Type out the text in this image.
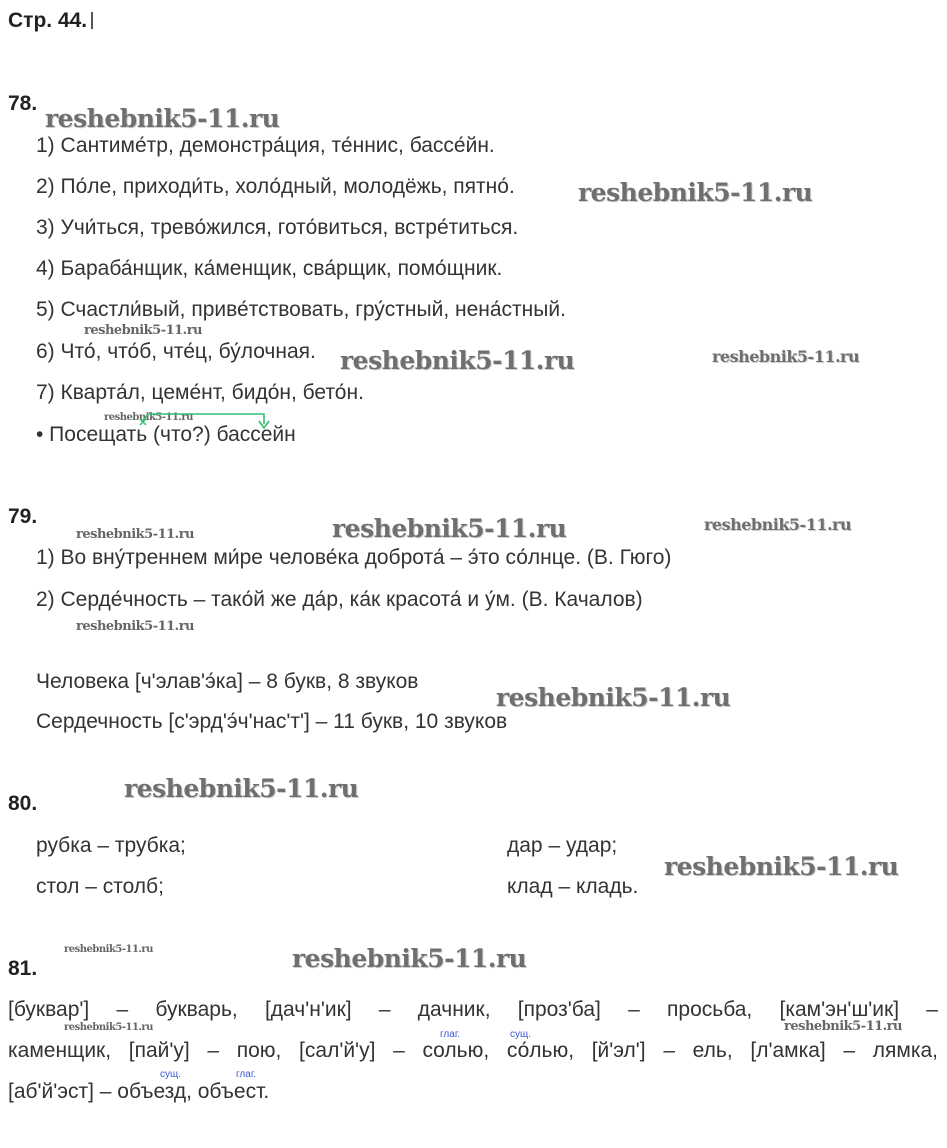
Стр. 44.
78.
reshebnik5-11.ru
1) Сантиме́тр, демонстра́ция, те́ннис, бассе́йн.
2) По́ле, приходи́ть, холо́дный, молодёжь, пятно́.	reshebnik5-11.ru
3) Учи́ться, трево́жился, гото́виться, встре́титься.
4) Бараба́нщик, ка́менщик, сва́рщик, помо́щник.
5) Счастли́вый, приве́тствовать, гру́стный, нена́стный.
reshebnik5-11.ru
6) Что́, что́б, чте́ц, бу́лочная. reshebnik5-11.ru	reshebnik5-11.ru
7) Кварта́л, цеме́нт, бидо́н, бето́н.
reshebnik5-11.ru
• Посещать (что?) бассейн
79.
reshebnik5-11.ru	reshebnik5-11.ru	reshebnik5-11.ru
1) Во вну́треннем ми́ре челове́ка доброта́ – э́то со́лнце. (В. Гюго)
2) Серде́чность – тако́й же да́р, ка́к красота́ и у́м. (В. Качалов)
reshebnik5-11.ru
Человека [ч'элав'э́ка] – 8 букв, 8 звуков
reshebnik5-11.ru
Сердечность [с'эрд'э́ч'нас'т'] – 11 букв, 10 звуков
reshebnik5-11.ru
80.
рубка – трубка;	дар – удар;
reshebnik5-11.ru
стол – столб;	клад – кладь.
reshebnik5-11.ru	reshebnik5-11.ru
81.
[буквар'] – букварь, [дач'н'ик] – дачник, [проз'ба] – просьба, [кам'эн'ш'ик] –
reshebnik5-11.ru	reshebnik5-11.ru
глаг.	сущ.
каменщик, [пай'у] – пою, [сал'й'у] – солью, со́лью, [й'эл'] – ель, [л'амка] – лямка,
сущ.	глаг.
[аб'й'эст] – объезд, объест.
